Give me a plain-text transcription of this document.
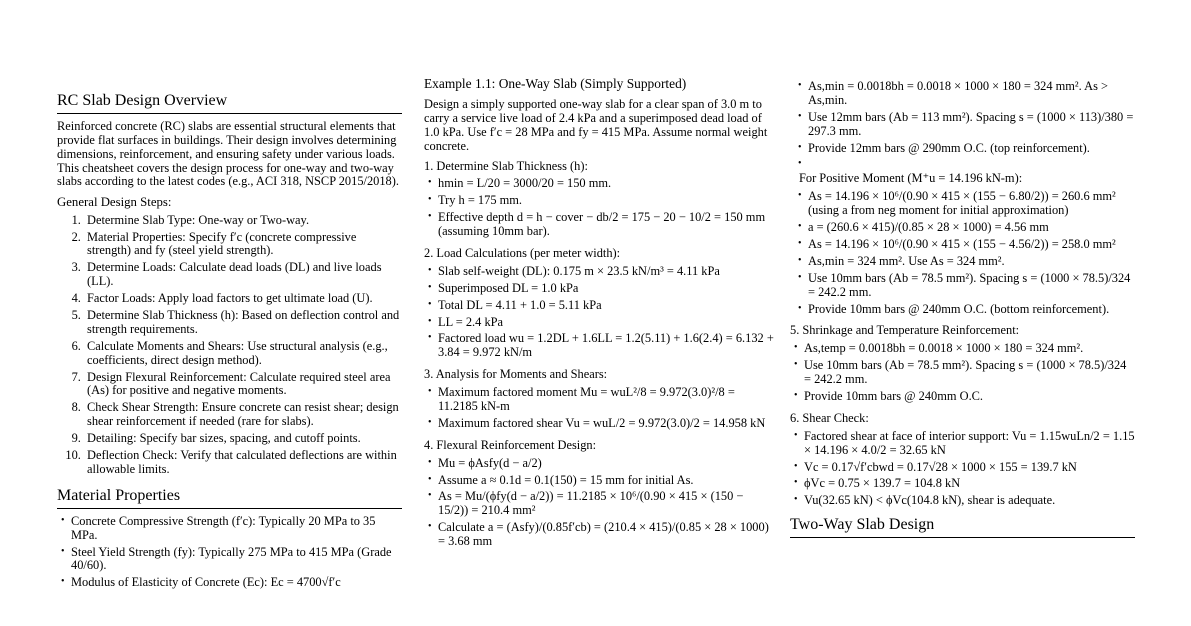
RC Slab Design Overview

Reinforced concrete (RC) slabs are essential structural elements that provide flat surfaces in buildings. Their design involves determining dimensions, reinforcement, and ensuring safety under various loads. This cheatsheet covers the design process for one-way and two-way slabs according to the latest codes (e.g., ACI 318, NSCP 2015/2018).

General Design Steps:
1. Determine Slab Type: One-way or Two-way.
2. Material Properties: Specify f′c (concrete compressive strength) and fy (steel yield strength).
3. Determine Loads: Calculate dead loads (DL) and live loads (LL).
4. Factor Loads: Apply load factors to get ultimate load (U).
5. Determine Slab Thickness (h): Based on deflection control and strength requirements.
6. Calculate Moments and Shears: Use structural analysis (e.g., coefficients, direct design method).
7. Design Flexural Reinforcement: Calculate required steel area (As) for positive and negative moments.
8. Check Shear Strength: Ensure concrete can resist shear; design shear reinforcement if needed (rare for slabs).
9. Detailing: Specify bar sizes, spacing, and cutoff points.
10. Deflection Check: Verify that calculated deflections are within allowable limits.
Material Properties
• Concrete Compressive Strength (f′c): Typically 20 MPa to 35 MPa.
• Steel Yield Strength (fy): Typically 275 MPa to 415 MPa (Grade 40/60).
• Modulus of Elasticity of Concrete (Ec): Ec = 4700√f′c
Example 1.1: One-Way Slab (Simply Supported)

Design a simply supported one-way slab for a clear span of 3.0 m to carry a service live load of 2.4 kPa and a superimposed dead load of 1.0 kPa. Use f′c = 28 MPa and fy = 415 MPa. Assume normal weight concrete.

1. Determine Slab Thickness (h):
• hmin = L/20 = 3000/20 = 150 mm.
• Try h = 175 mm.
• Effective depth d = h − cover − db/2 = 175 − 20 − 10/2 = 150 mm (assuming 10mm bar).
2. Load Calculations (per meter width):
• Slab self-weight (DL): 0.175 m × 23.5 kN/m³ = 4.11 kPa
• Superimposed DL = 1.0 kPa
• Total DL = 4.11 + 1.0 = 5.11 kPa
• LL = 2.4 kPa
• Factored load wu = 1.2DL + 1.6LL = 1.2(5.11) + 1.6(2.4) = 6.132 + 3.84 = 9.972 kN/m
3. Analysis for Moments and Shears:
• Maximum factored moment Mu = wuL²/8 = 9.972(3.0)²/8 = 11.2185 kN-m
• Maximum factored shear Vu = wuL/2 = 9.972(3.0)/2 = 14.958 kN
4. Flexural Reinforcement Design:
• Mu = ϕAsfy(d − a/2)
• Assume a ≈ 0.1d = 0.1(150) = 15 mm for initial As.
• As = Mu/(ϕfy(d − a/2)) = 11.2185 × 10⁶/(0.90 × 415 × (150 − 15/2)) = 210.4 mm²
• Calculate a = (Asfy)/(0.85f′cb) = (210.4 × 415)/(0.85 × 28 × 1000) = 3.68 mm
• As,min = 0.0018bh = 0.0018 × 1000 × 180 = 324 mm². As > As,min.
• Use 12mm bars (Ab = 113 mm²). Spacing s = (1000 × 113)/380 = 297.3 mm.
• Provide 12mm bars @ 290mm O.C. (top reinforcement).
•
For Positive Moment (M⁺u = 14.196 kN-m):
• As = 14.196 × 10⁶/(0.90 × 415 × (155 − 6.80/2)) = 260.6 mm² (using a from neg moment for initial approximation)
• a = (260.6 × 415)/(0.85 × 28 × 1000) = 4.56 mm
• As = 14.196 × 10⁶/(0.90 × 415 × (155 − 4.56/2)) = 258.0 mm²
• As,min = 324 mm². Use As = 324 mm².
• Use 10mm bars (Ab = 78.5 mm²). Spacing s = (1000 × 78.5)/324 = 242.2 mm.
• Provide 10mm bars @ 240mm O.C. (bottom reinforcement).
5. Shrinkage and Temperature Reinforcement:
• As,temp = 0.0018bh = 0.0018 × 1000 × 180 = 324 mm².
• Use 10mm bars (Ab = 78.5 mm²). Spacing s = (1000 × 78.5)/324 = 242.2 mm.
• Provide 10mm bars @ 240mm O.C.
6. Shear Check:
• Factored shear at face of interior support: Vu = 1.15wuLn/2 = 1.15 × 14.196 × 4.0/2 = 32.65 kN
• Vc = 0.17√f′cbwd = 0.17√28 × 1000 × 155 = 139.7 kN
• ϕVc = 0.75 × 139.7 = 104.8 kN
• Vu(32.65 kN) < ϕVc(104.8 kN), shear is adequate.
Two-Way Slab Design
